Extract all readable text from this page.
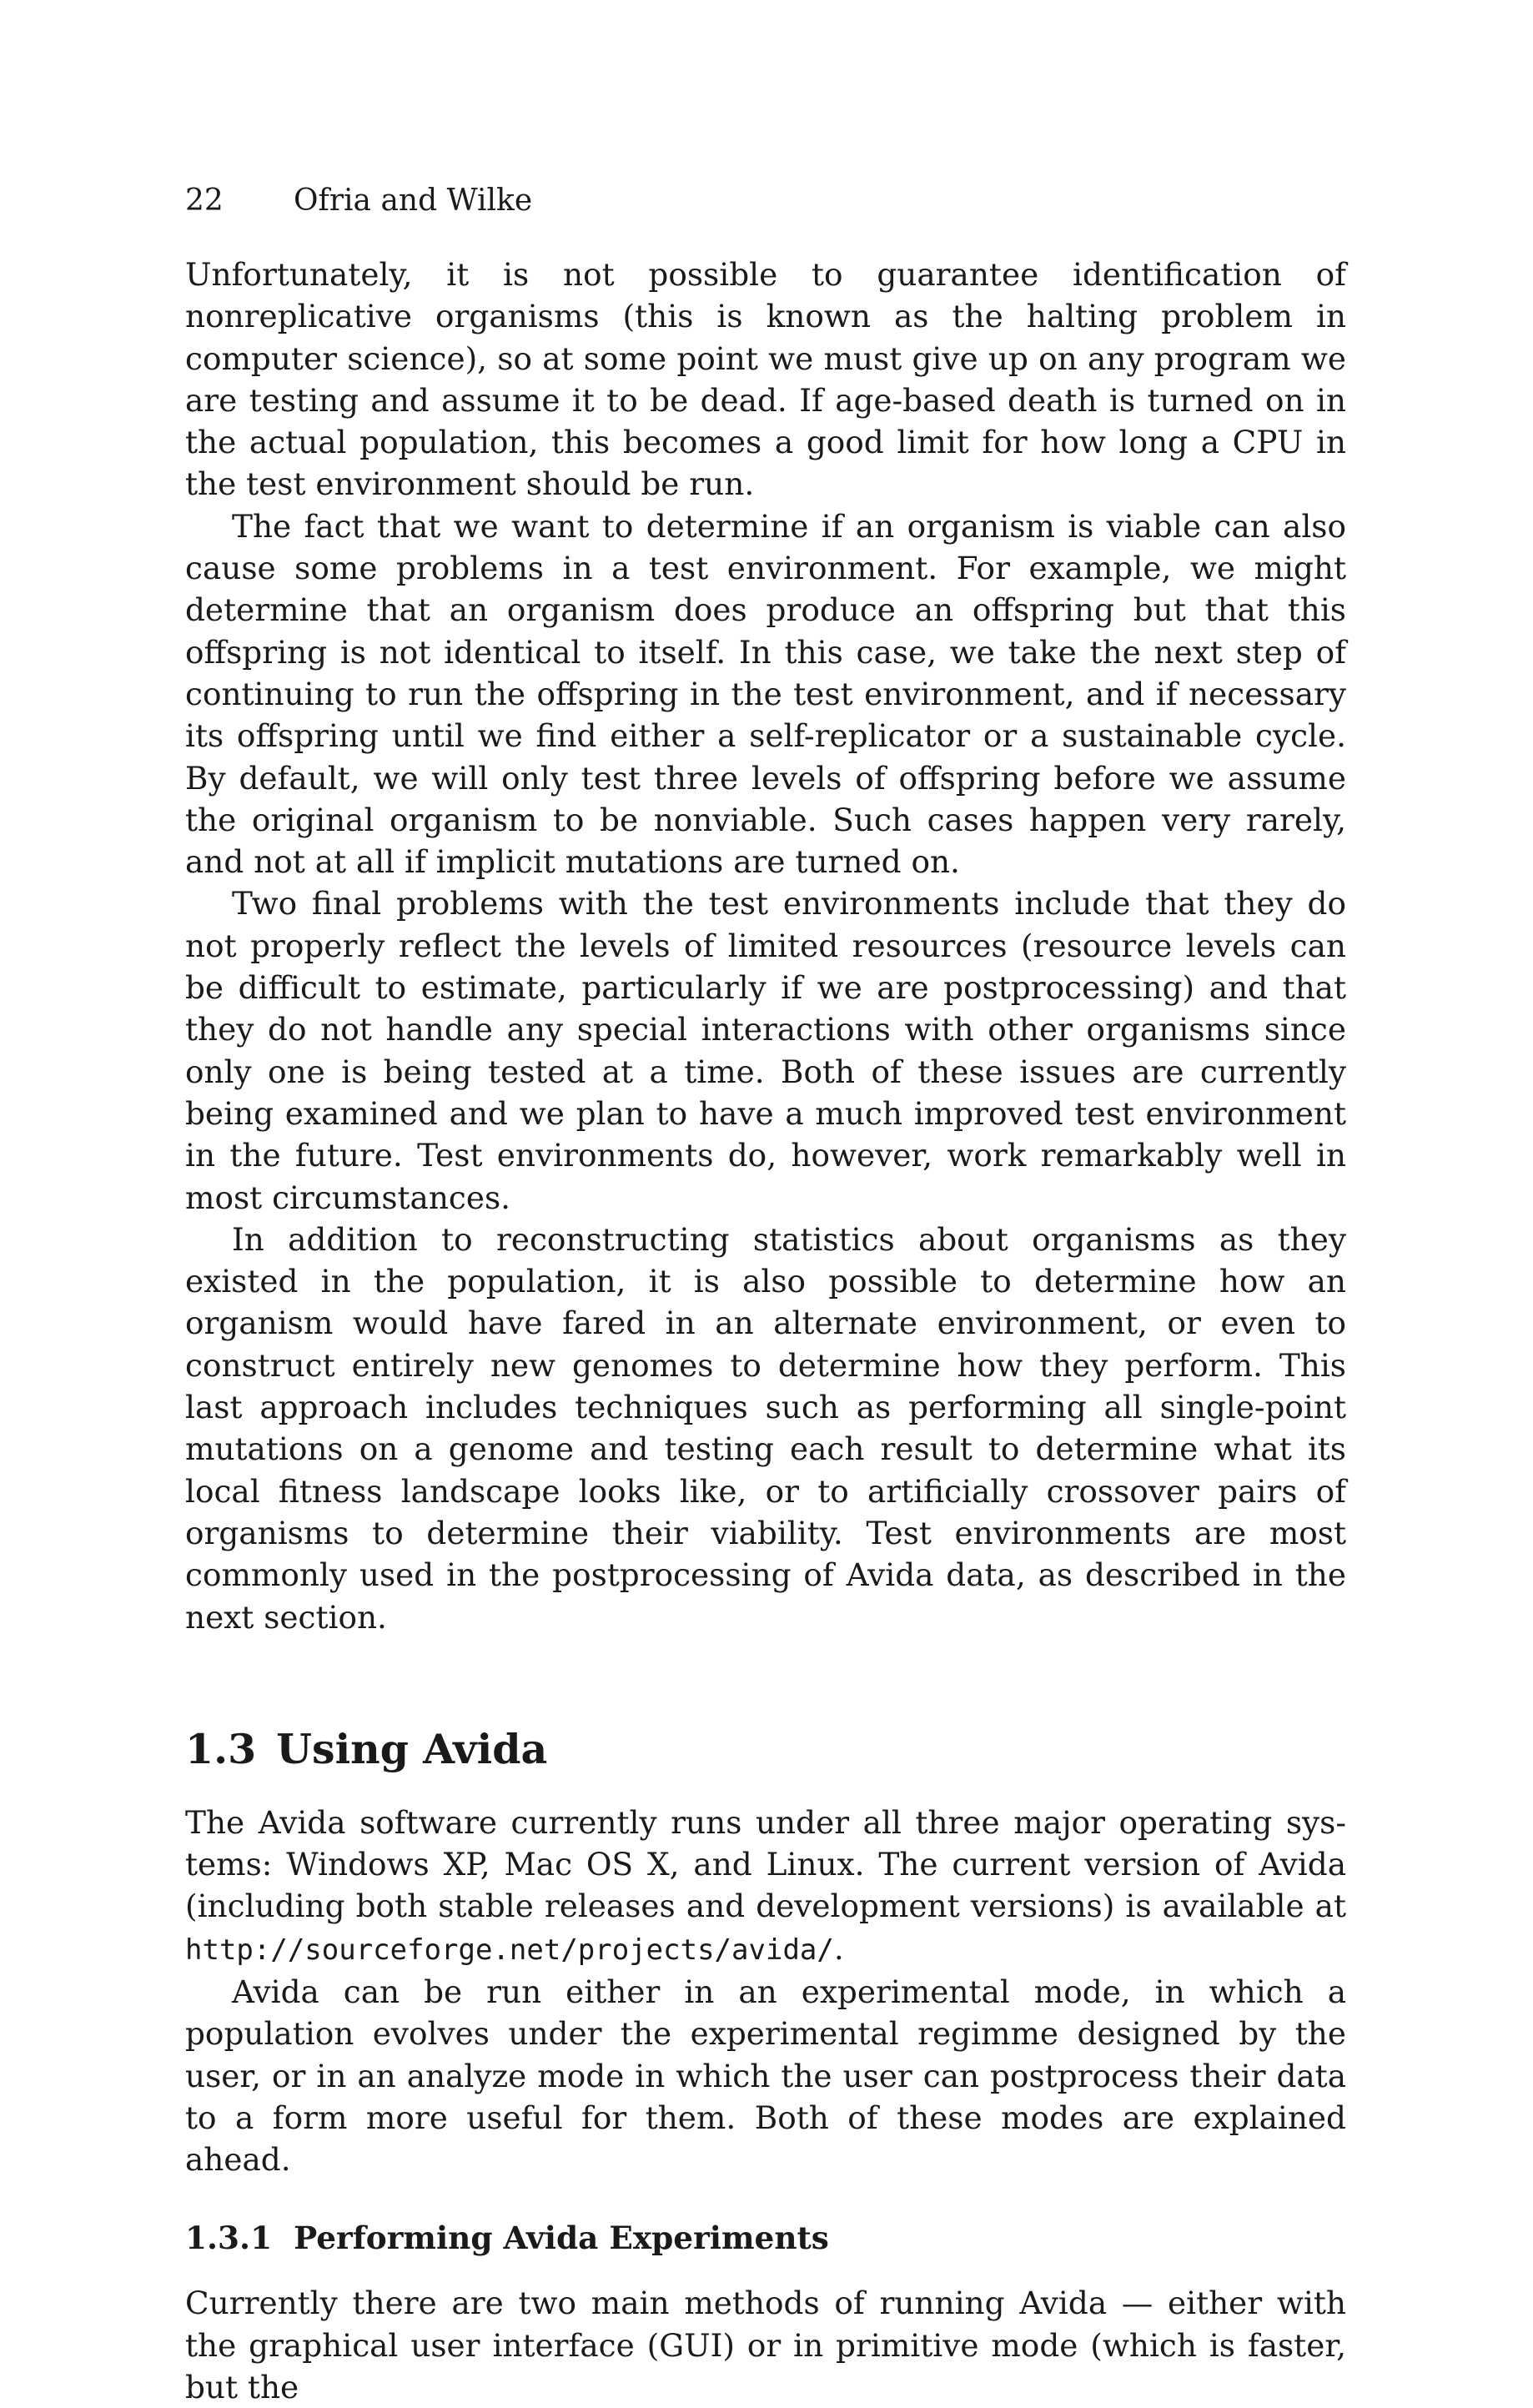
22 Ofria and Wilke

Unfortunately, it is not possible to guarantee identification of nonreplicative organisms (this is known as the halting problem in computer science), so at some point we must give up on any program we are testing and assume it to be dead. If age-based death is turned on in the actual population, this becomes a good limit for how long a CPU in the test environment should be run.

The fact that we want to determine if an organism is viable can also cause some problems in a test environment. For example, we might determine that an organism does produce an offspring but that this offspring is not identical to itself. In this case, we take the next step of continuing to run the offspring in the test environment, and if necessary its offspring until we find either a self-replicator or a sustainable cycle. By default, we will only test three levels of offspring before we assume the original organism to be nonviable. Such cases happen very rarely, and not at all if implicit mutations are turned on.

Two final problems with the test environments include that they do not properly reflect the levels of limited resources (resource levels can be difficult to estimate, particularly if we are postprocessing) and that they do not handle any special interactions with other organisms since only one is being tested at a time. Both of these issues are currently being examined and we plan to have a much improved test environment in the future. Test environments do, however, work remarkably well in most circumstances.

In addition to reconstructing statistics about organisms as they existed in the population, it is also possible to determine how an organism would have fared in an alternate environment, or even to construct entirely new genomes to determine how they perform. This last approach includes techniques such as performing all single-point mutations on a genome and testing each result to determine what its local fitness landscape looks like, or to artificially crossover pairs of organisms to determine their viability. Test environments are most commonly used in the postprocessing of Avida data, as described in the next section.

1.3 Using Avida

The Avida software currently runs under all three major operating systems: Windows XP, Mac OS X, and Linux. The current version of Avida (including both stable releases and development versions) is available at http://sourceforge.net/projects/avida/.

Avida can be run either in an experimental mode, in which a population evolves under the experimental regimme designed by the user, or in an analyze mode in which the user can postprocess their data to a form more useful for them. Both of these modes are explained ahead.

1.3.1 Performing Avida Experiments

Currently there are two main methods of running Avida — either with the graphical user interface (GUI) or in primitive mode (which is faster, but the
